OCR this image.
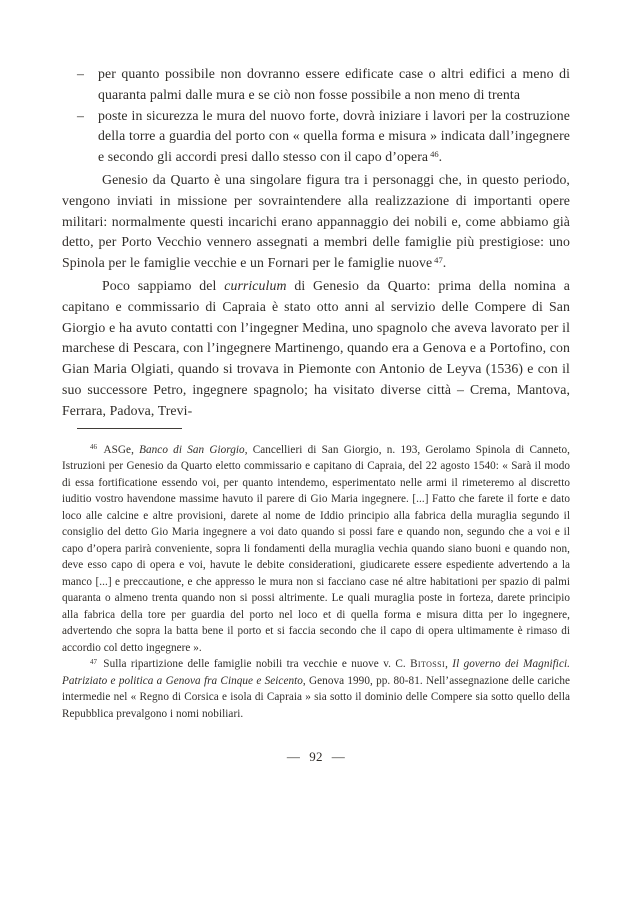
– per quanto possibile non dovranno essere edificate case o altri edifici a meno di quaranta palmi dalle mura e se ciò non fosse possibile a non meno di trenta

– poste in sicurezza le mura del nuovo forte, dovrà iniziare i lavori per la costruzione della torre a guardia del porto con « quella forma e misura » indicata dall’ingegnere e secondo gli accordi presi dallo stesso con il capo d’opera $^{46}$.

Genesio da Quarto è una singolare figura tra i personaggi che, in questo periodo, vengono inviati in missione per sovraintendere alla realizzazione di importanti opere militari: normalmente questi incarichi erano appannaggio dei nobili e, come abbiamo già detto, per Porto Vecchio vennero assegnati a membri delle famiglie più prestigiose: uno Spinola per le famiglie vecchie e un Fornari per le famiglie nuove $^{47}$.

Poco sappiamo del curriculum di Genesio da Quarto: prima della nomina a capitano e commissario di Capraia è stato otto anni al servizio delle Compere di San Giorgio e ha avuto contatti con l’ingegner Medina, uno spagnolo che aveva lavorato per il marchese di Pescara, con l’ingegnere Martinengo, quando era a Genova e a Portofino, con Gian Maria Olgiati, quando si trovava in Piemonte con Antonio de Leyva (1536) e con il suo successore Petro, ingegnere spagnolo; ha visitato diverse città – Crema, Mantova, Ferrara, Padova, Trevi-

$^{46}$ ASGe, Banco di San Giorgio, Cancellieri di San Giorgio, n. 193, Gerolamo Spinola di Canneto, Istruzioni per Genesio da Quarto eletto commissario e capitano di Capraia, del 22 agosto 1540: « Sarà il modo di essa fortificatione essendo voi, per quanto intendemo, esperimentato nelle armi il rimeteremo al discretto iuditio vostro havendone massime havuto il parere di Gio Maria ingegnere. [...] Fatto che farete il forte e dato loco alle calcine e altre provisioni, darete al nome de Iddio principio alla fabrica della muraglia segundo il consiglio del detto Gio Maria ingegnere a voi dato quando si possi fare e quando non, segundo che a voi e il capo d’opera parirà conveniente, sopra li fondamenti della muraglia vechia quando siano buoni e quando non, deve esso capo di opera e voi, havute le debite considerationi, giudicarete essere espediente advertendo a la manco [...] e preccautione, e che appresso le mura non si facciano case né altre habitationi per spazio di palmi quaranta o almeno trenta quando non si possi altrimente. Le quali muraglia poste in forteza, darete principio alla fabrica della tore per guardia del porto nel loco et di quella forma e misura ditta per lo ingegnere, advertendo che sopra la batta bene il porto et si faccia secondo che il capo di opera ultimamente è rimaso di accordio col detto ingegnere ».

$^{47}$ Sulla ripartizione delle famiglie nobili tra vecchie e nuove v. C. Bitossi, Il governo dei Magnifici. Patriziato e politica a Genova fra Cinque e Seicento, Genova 1990, pp. 80-81. Nell’assegnazione delle cariche intermedie nel « Regno di Corsica e isola di Capraia » sia sotto il dominio delle Compere sia sotto quello della Repubblica prevalgono i nomi nobiliari.

— 92 —
